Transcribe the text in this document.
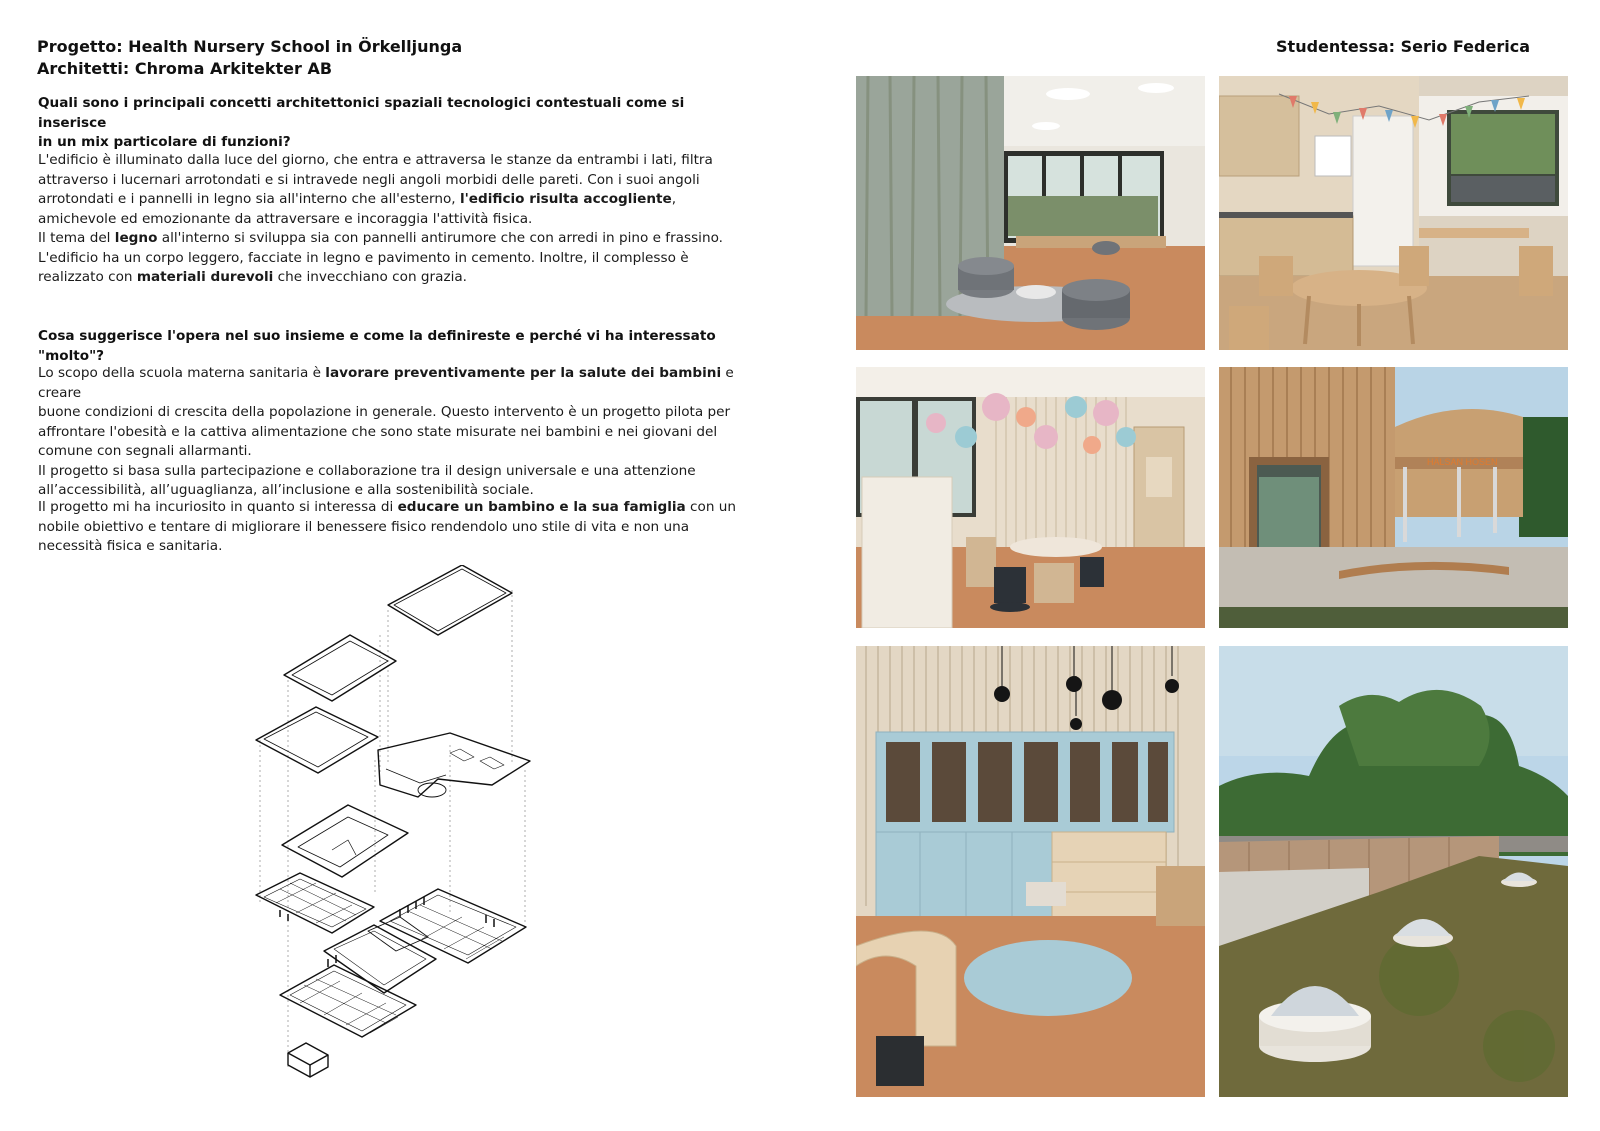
Progetto: Health Nursery School in Örkelljunga
Architetti: Chroma Arkitekter AB
Studentessa: Serio Federica
Quali sono i principali concetti architettonici spaziali tecnologici contestuali come si inserisce
in un mix particolare di funzioni?
L'edificio è illuminato dalla luce del giorno, che entra e attraversa le stanze da entrambi i lati, filtra
attraverso i lucernari arrotondati e si intravede negli angoli morbidi delle pareti. Con i suoi angoli
arrotondati e i pannelli in legno sia all'interno che all'esterno, l'edificio risulta accogliente,
amichevole ed emozionante da attraversare e incoraggia l'attività fisica.
Il tema del legno all'interno si sviluppa sia con pannelli antirumore che con arredi in pino e frassino.
L'edificio ha un corpo leggero, facciate in legno e pavimento in cemento. Inoltre, il complesso è
realizzato con materiali durevoli che invecchiano con grazia.
Cosa suggerisce l'opera nel suo insieme e come la definireste e perché vi ha interessato "molto"?
Lo scopo della scuola materna sanitaria è lavorare preventivamente per la salute dei bambini e creare
buone condizioni di crescita della popolazione in generale. Questo intervento è un progetto pilota per
affrontare l'obesità e la cattiva alimentazione che sono state misurate nei bambini e nei giovani del
comune con segnali allarmanti.
Il progetto si basa sulla partecipazione e collaborazione tra il design universale e una attenzione
all’accessibilità, all’uguaglianza, all’inclusione e alla sostenibilità sociale.
Il progetto mi ha incuriosito in quanto si interessa di educare un bambino e la sua famiglia con un
nobile obiettivo e tentare di migliorare il benessere fisico rendendolo uno stile di vita e non una
necessità fisica e sanitaria.
HÄLSAN HOSEN
